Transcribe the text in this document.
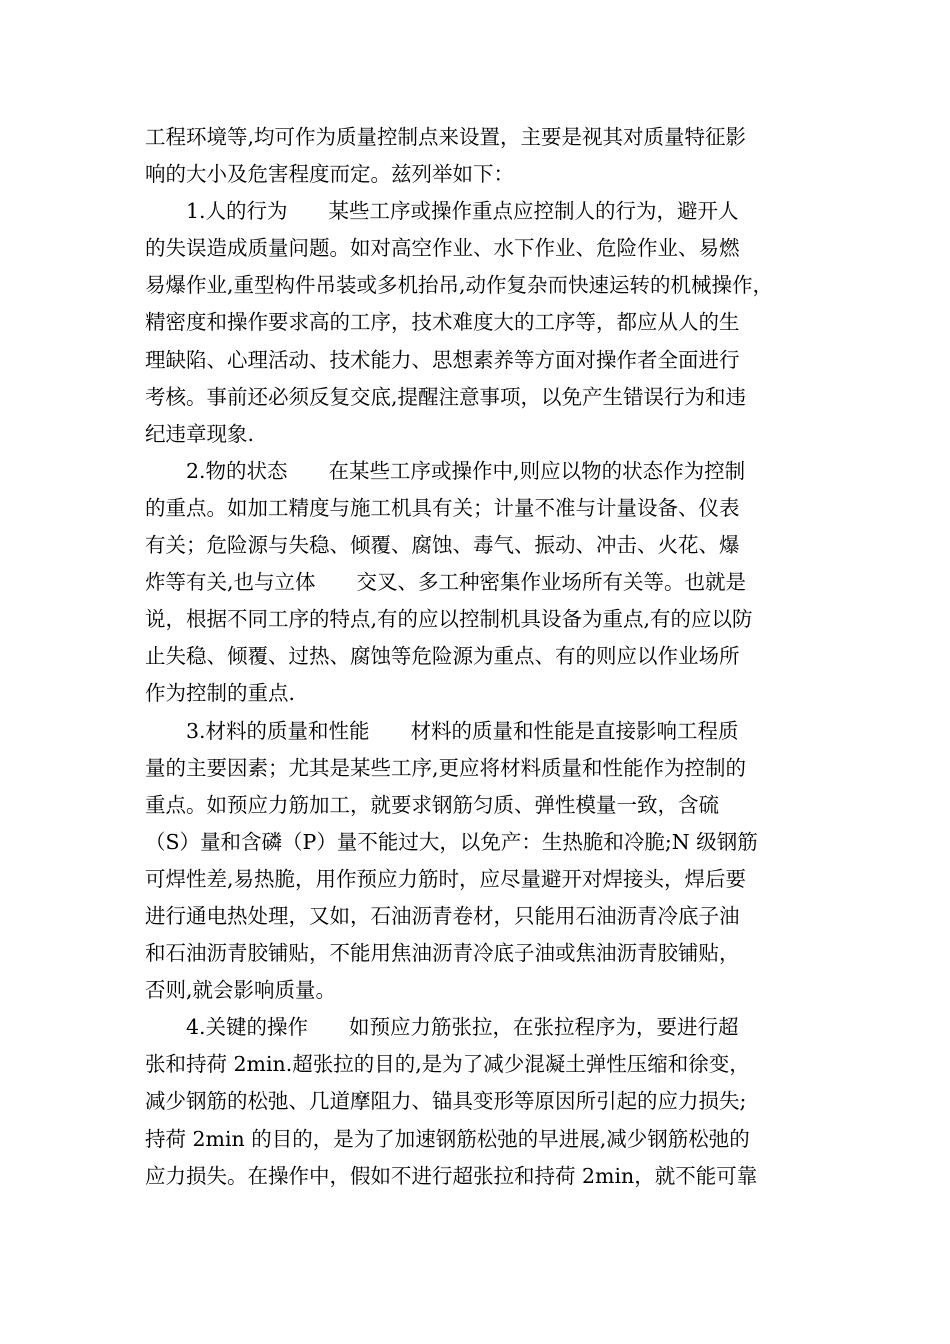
工程环境等,均可作为质量控制点来设置，主要是视其对质量特征影
响的大小及危害程度而定。兹列举如下：
1.人的行为　　某些工序或操作重点应控制人的行为，避开人
的失误造成质量问题。如对高空作业、水下作业、危险作业、易燃
易爆作业,重型构件吊装或多机抬吊,动作复杂而快速运转的机械操作，
精密度和操作要求高的工序，技术难度大的工序等，都应从人的生
理缺陷、心理活动、技术能力、思想素养等方面对操作者全面进行
考核。事前还必须反复交底,提醒注意事项，以免产生错误行为和违
纪违章现象.
2.物的状态　　在某些工序或操作中,则应以物的状态作为控制
的重点。如加工精度与施工机具有关；计量不准与计量设备、仪表
有关；危险源与失稳、倾覆、腐蚀、毒气、振动、冲击、火花、爆
炸等有关,也与立体　　交叉、多工种密集作业场所有关等。也就是
说，根据不同工序的特点,有的应以控制机具设备为重点,有的应以防
止失稳、倾覆、过热、腐蚀等危险源为重点、有的则应以作业场所
作为控制的重点.
3.材料的质量和性能　　材料的质量和性能是直接影响工程质
量的主要因素；尤其是某些工序,更应将材料质量和性能作为控制的
重点。如预应力筋加工，就要求钢筋匀质、弹性模量一致，含硫
（S）量和含磷（P）量不能过大，以免产：生热脆和冷脆;N 级钢筋
可焊性差,易热脆，用作预应力筋时，应尽量避开对焊接头，焊后要
进行通电热处理，又如，石油沥青卷材，只能用石油沥青冷底子油
和石油沥青胶铺贴，不能用焦油沥青冷底子油或焦油沥青胶铺贴，
否则,就会影响质量。
4.关键的操作　　如预应力筋张拉，在张拉程序为，要进行超
张和持荷 2min.超张拉的目的,是为了减少混凝土弹性压缩和徐变，
减少钢筋的松弛、几道摩阻力、锚具变形等原因所引起的应力损失;
持荷 2min 的目的，是为了加速钢筋松弛的早进展,减少钢筋松弛的
应力损失。在操作中，假如不进行超张拉和持荷 2min，就不能可靠
